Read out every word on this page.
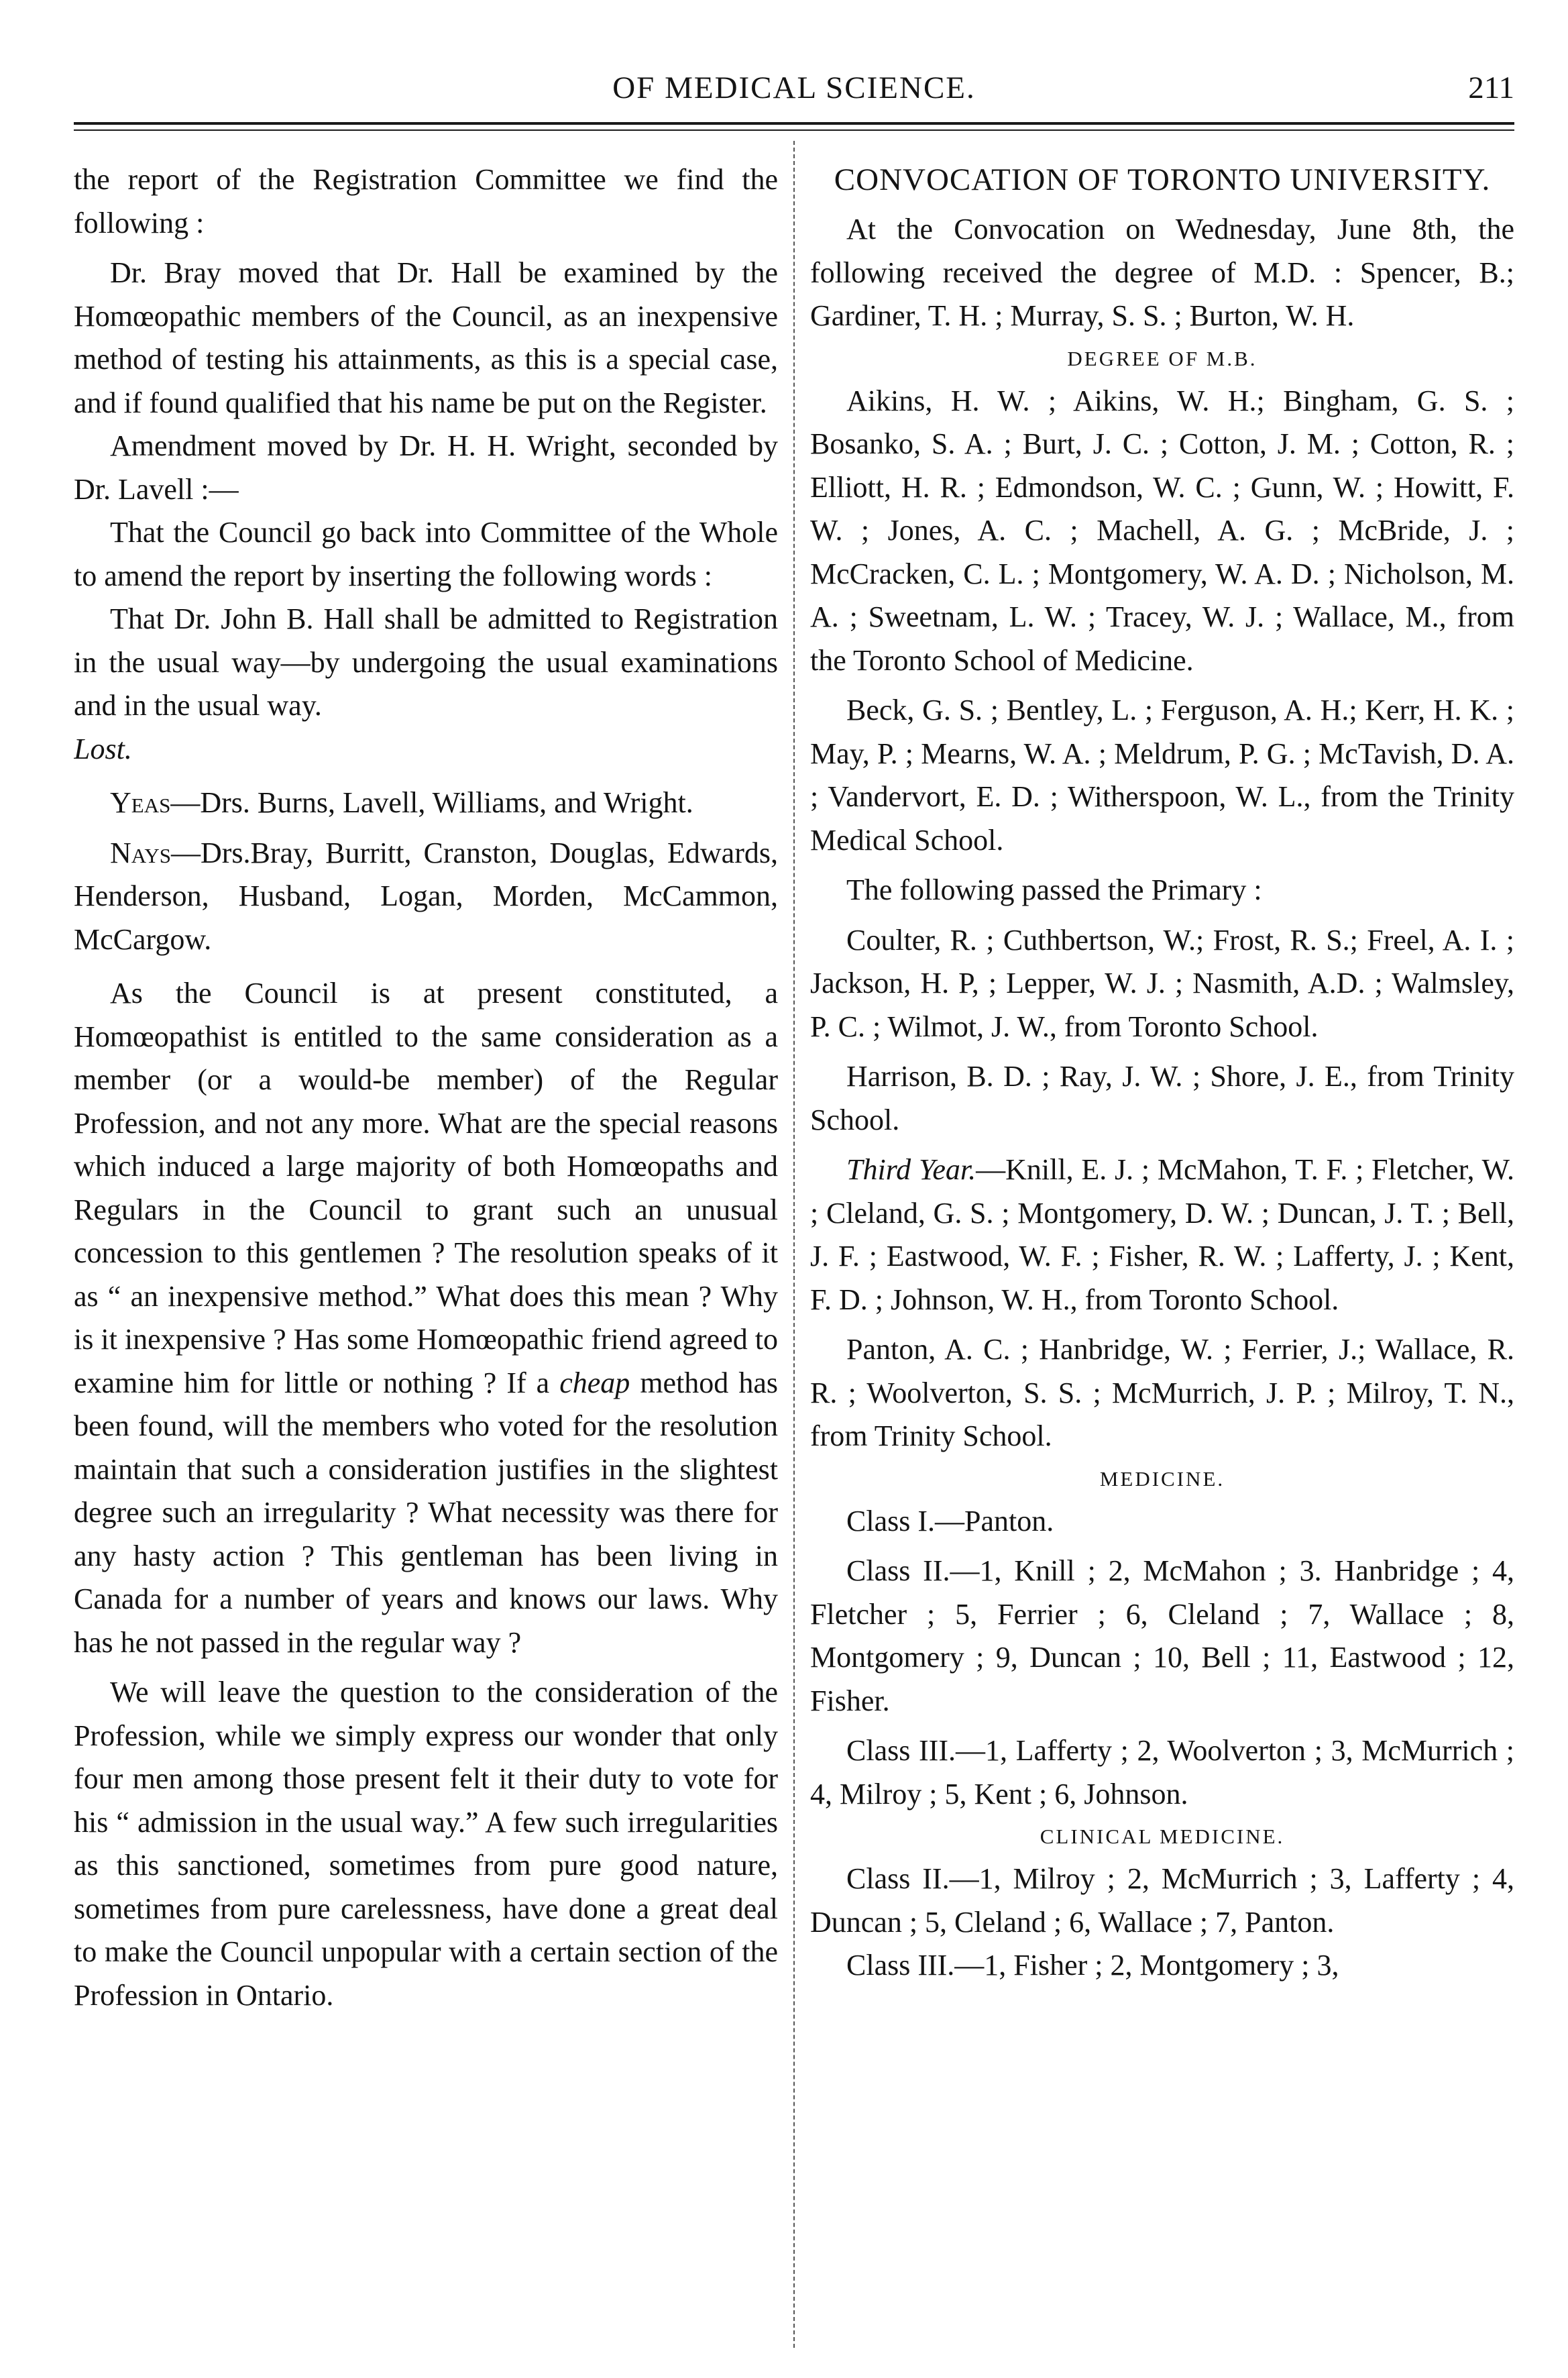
OF MEDICAL SCIENCE.	211

the report of the Registration Committee we find the following :

Dr. Bray moved that Dr. Hall be examined by the Homœopathic members of the Council, as an inexpensive method of testing his attainments, as this is a special case, and if found qualified that his name be put on the Register.

Amendment moved by Dr. H. H. Wright, seconded by Dr. Lavell :—

That the Council go back into Committee of the Whole to amend the report by inserting the following words :

That Dr. John B. Hall shall be admitted to Registration in the usual way—by undergoing the usual examinations and in the usual way.

Lost.

Yeas—Drs. Burns, Lavell, Williams, and Wright.

Nays—Drs.Bray, Burritt, Cranston, Douglas, Edwards, Henderson, Husband, Logan, Morden, McCammon, McCargow.

As the Council is at present constituted, a Homœopathist is entitled to the same consideration as a member (or a would-be member) of the Regular Profession, and not any more. What are the special reasons which induced a large majority of both Homœopaths and Regulars in the Council to grant such an unusual concession to this gentlemen ? The resolution speaks of it as “ an inexpensive method.” What does this mean ? Why is it inexpensive ? Has some Homœopathic friend agreed to examine him for little or nothing ? If a cheap method has been found, will the members who voted for the resolution maintain that such a consideration justifies in the slightest degree such an irregularity ? What necessity was there for any hasty action ? This gentleman has been living in Canada for a number of years and knows our laws. Why has he not passed in the regular way ?

We will leave the question to the consideration of the Profession, while we simply express our wonder that only four men among those present felt it their duty to vote for his “ admission in the usual way.” A few such irregularities as this sanctioned, sometimes from pure good nature, sometimes from pure carelessness, have done a great deal to make the Council unpopular with a certain section of the Profession in Ontario.

CONVOCATION OF TORONTO UNIVERSITY.

At the Convocation on Wednesday, June 8th, the following received the degree of M.D. : Spencer, B.; Gardiner, T. H. ; Murray, S. S. ; Burton, W. H.

DEGREE OF M.B.

Aikins, H. W. ; Aikins, W. H.; Bingham, G. S. ; Bosanko, S. A. ; Burt, J. C. ; Cotton, J. M. ; Cotton, R. ; Elliott, H. R. ; Edmondson, W. C. ; Gunn, W. ; Howitt, F. W. ; Jones, A. C. ; Machell, A. G. ; McBride, J. ; McCracken, C. L. ; Montgomery, W. A. D. ; Nicholson, M. A. ; Sweetnam, L. W. ; Tracey, W. J. ; Wallace, M., from the Toronto School of Medicine.

Beck, G. S. ; Bentley, L. ; Ferguson, A. H.; Kerr, H. K. ; May, P. ; Mearns, W. A. ; Meldrum, P. G. ; McTavish, D. A. ; Vandervort, E. D. ; Witherspoon, W. L., from the Trinity Medical School.

The following passed the Primary :

Coulter, R. ; Cuthbertson, W.; Frost, R. S.; Freel, A. I. ; Jackson, H. P, ; Lepper, W. J. ; Nasmith, A.D. ; Walmsley, P. C. ; Wilmot, J. W., from Toronto School.

Harrison, B. D. ; Ray, J. W. ; Shore, J. E., from Trinity School.

Third Year.—Knill, E. J. ; McMahon, T. F. ; Fletcher, W. ; Cleland, G. S. ; Montgomery, D. W. ; Duncan, J. T. ; Bell, J. F. ; Eastwood, W. F. ; Fisher, R. W. ; Lafferty, J. ; Kent, F. D. ; Johnson, W. H., from Toronto School.

Panton, A. C. ; Hanbridge, W. ; Ferrier, J.; Wallace, R. R. ; Woolverton, S. S. ; McMurrich, J. P. ; Milroy, T. N., from Trinity School.

MEDICINE.

Class I.—Panton.

Class II.—1, Knill ; 2, McMahon ; 3. Hanbridge ; 4, Fletcher ; 5, Ferrier ; 6, Cleland ; 7, Wallace ; 8, Montgomery ; 9, Duncan ; 10, Bell ; 11, Eastwood ; 12, Fisher.

Class III.—1, Lafferty ; 2, Woolverton ; 3, McMurrich ; 4, Milroy ; 5, Kent ; 6, Johnson.

CLINICAL MEDICINE.

Class II.—1, Milroy ; 2, McMurrich ; 3, Lafferty ; 4, Duncan ; 5, Cleland ; 6, Wallace ; 7, Panton.

Class III.—1, Fisher ; 2, Montgomery ; 3,
